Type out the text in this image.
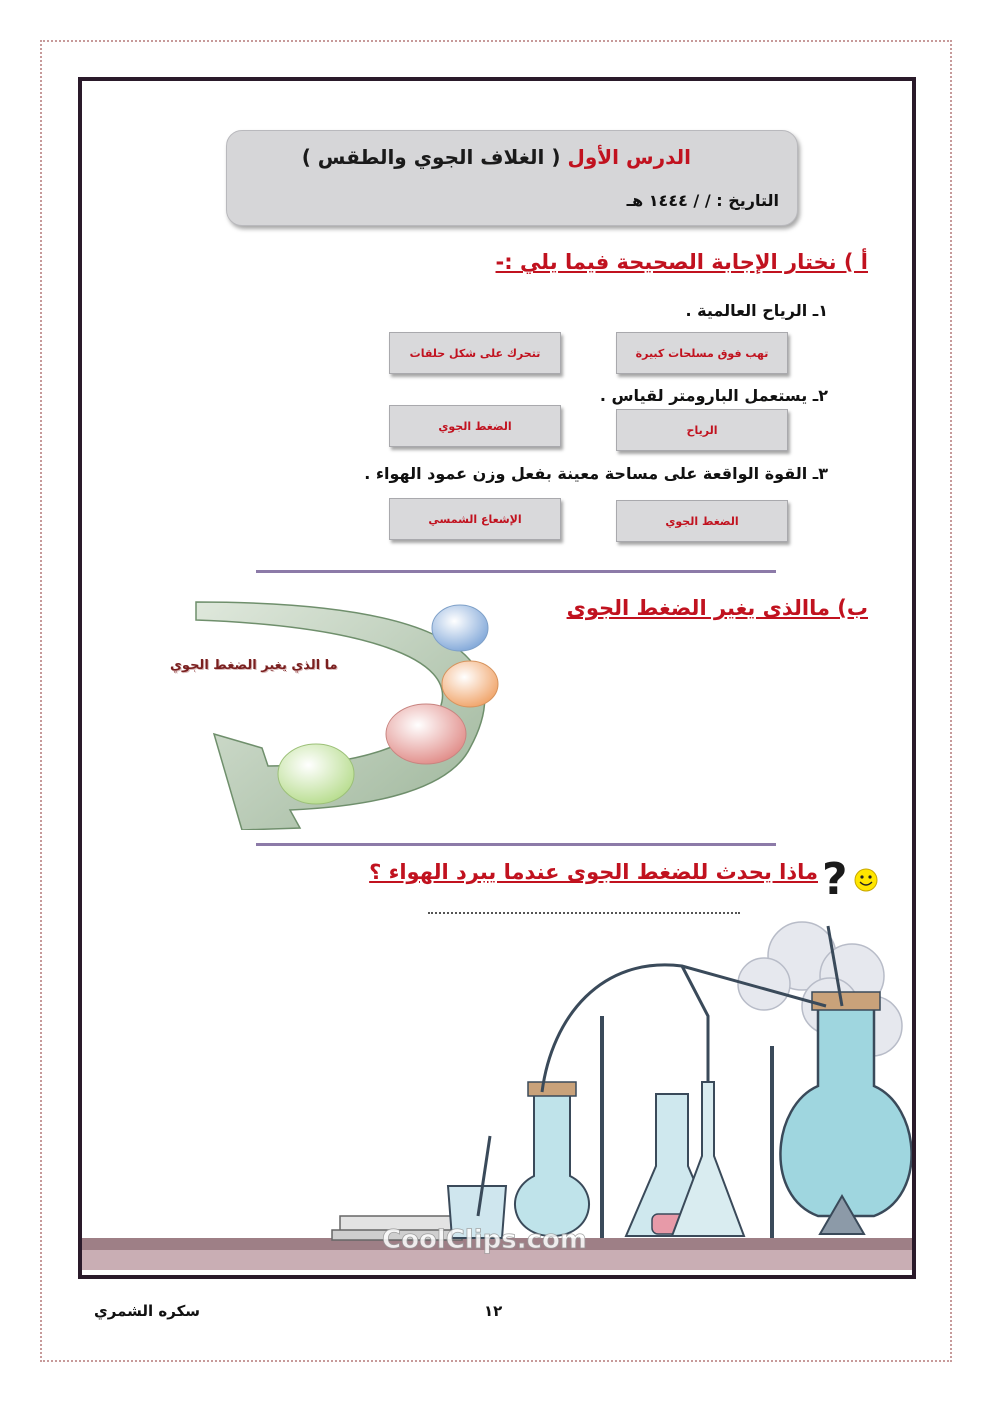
الدرس الأول ( الغلاف الجوي والطقس )
التاريخ : / / ١٤٤٤ هـ
أ ) نختار الإجابة الصحيحة فيما يلي :-
١ـ الرياح العالمية .
تهب فوق مسلحات كبيرة
تتحرك على شكل حلقات
٢ـ يستعمل البارومتر لقياس .
الرياح
الضغط الجوي
٣ـ القوة الواقعة على مساحة معينة بفعل وزن عمود الهواء .
الضغط الجوي
الإشعاع الشمسي
ب) ماالذى يغير الضغط الجوى
ما الذي يغير الضغط الجوي
ماذا يحدث للضغط الجوى عندما يبرد الهواء ؟ ?
CoolClips.com
سكره الشمري	١٢
